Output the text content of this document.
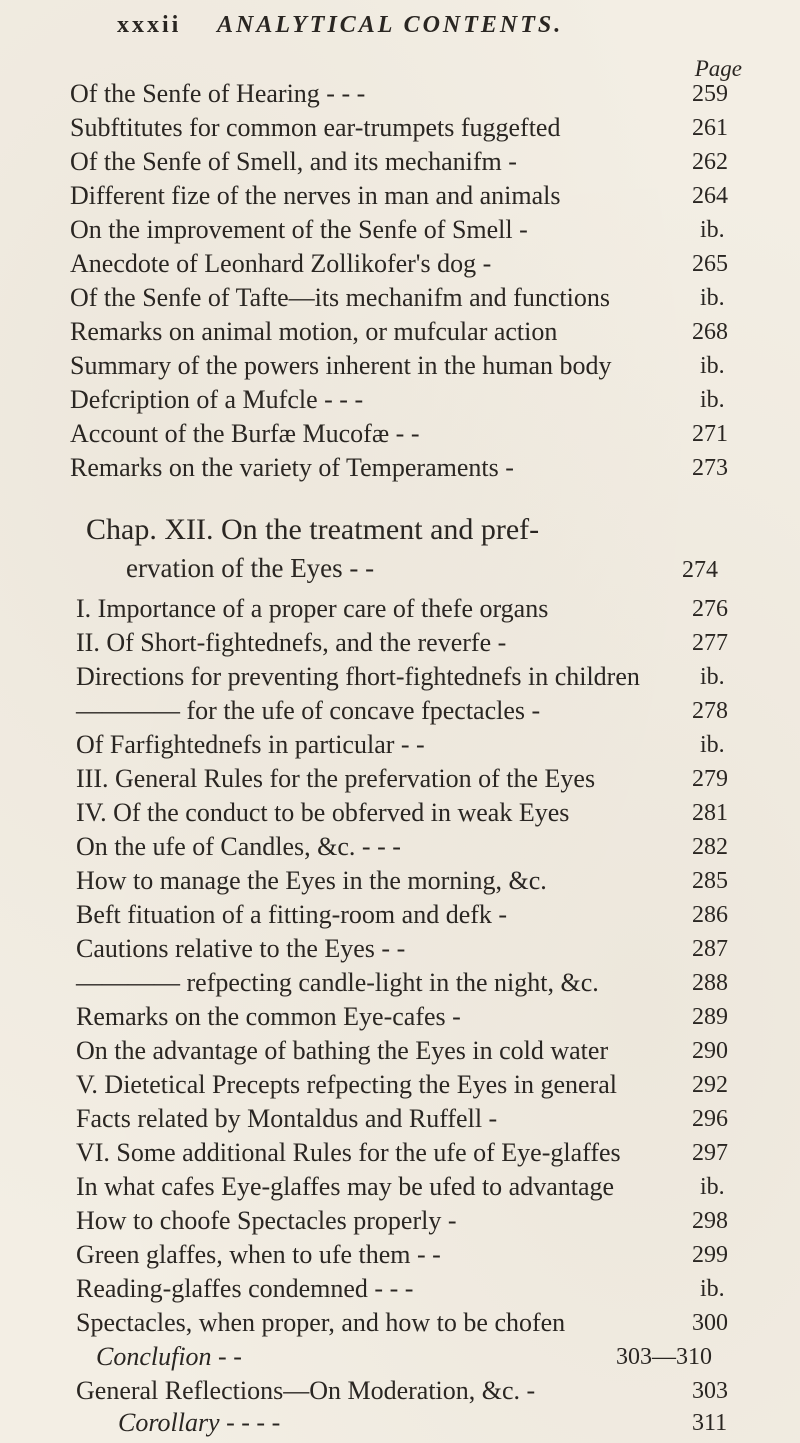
xxxii ANALYTICAL CONTENTS.
Page
Of the Senfe of Hearing - - -	259
Subftitutes for common ear-trumpets fuggefted	261
Of the Senfe of Smell, and its mechanifm -	262
Different fize of the nerves in man and animals	264
On the improvement of the Senfe of Smell -	ib.
Anecdote of Leonhard Zollikofer's dog -	265
Of the Senfe of Tafte—its mechanifm and functions	ib.
Remarks on animal motion, or mufcular action	268
Summary of the powers inherent in the human body	ib.
Defcription of a Mufcle - - -	ib.
Account of the Burfæ Mucofæ - -	271
Remarks on the variety of Temperaments -	273
Chap. XII. On the treatment and pref-
ervation of the Eyes - -	274
I. Importance of a proper care of thefe organs	276
II. Of Short-fightednefs, and the reverfe -	277
Directions for preventing fhort-fightednefs in children	ib.
———— for the ufe of concave fpectacles -	278
Of Farfightednefs in particular - -	ib.
III. General Rules for the prefervation of the Eyes	279
IV. Of the conduct to be obferved in weak Eyes	281
On the ufe of Candles, &c. - - -	282
How to manage the Eyes in the morning, &c.	285
Beft fituation of a fitting-room and defk -	286
Cautions relative to the Eyes - -	287
———— refpecting candle-light in the night, &c.	288
Remarks on the common Eye-cafes -	289
On the advantage of bathing the Eyes in cold water	290
V. Dietetical Precepts refpecting the Eyes in general	292
Facts related by Montaldus and Ruffell -	296
VI. Some additional Rules for the ufe of Eye-glaffes	297
In what cafes Eye-glaffes may be ufed to advantage	ib.
How to choofe Spectacles properly -	298
Green glaffes, when to ufe them - -	299
Reading-glaffes condemned - - -	ib.
Spectacles, when proper, and how to be chofen	300
Conclufion - -	303—310
General Reflections—On Moderation, &c. -	303
Corollary - - - -	311
